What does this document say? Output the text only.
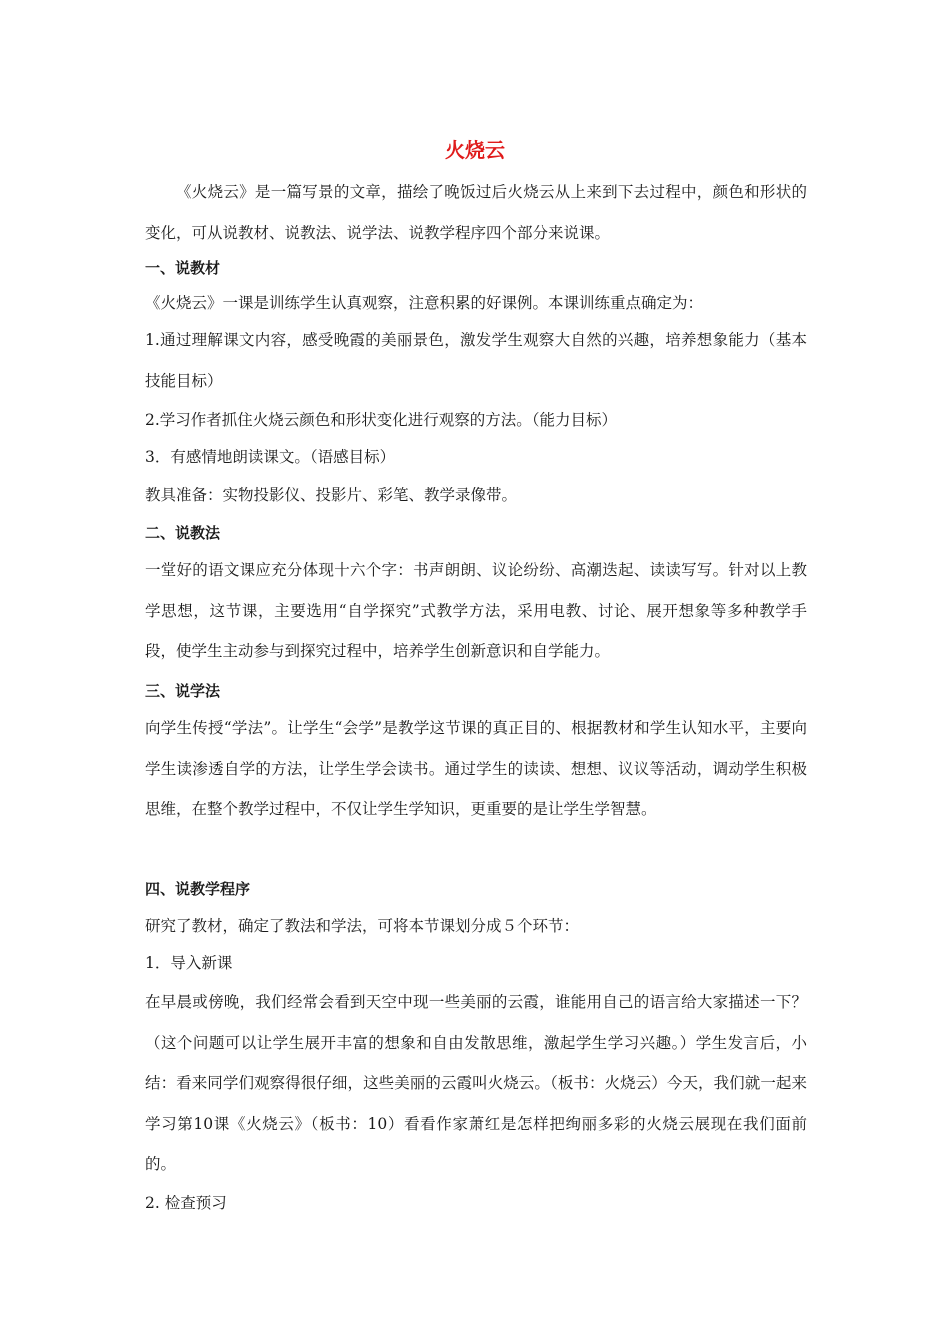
火烧云
《火烧云》是一篇写景的文章，描绘了晚饭过后火烧云从上来到下去过程中，颜色和形状的变化，可从说教材、说教法、说学法、说教学程序四个部分来说课。
一、说教材
《火烧云》一课是训练学生认真观察，注意积累的好课例。本课训练重点确定为：
1.通过理解课文内容，感受晚霞的美丽景色，激发学生观察大自然的兴趣，培养想象能力（基本技能目标）
2.学习作者抓住火烧云颜色和形状变化进行观察的方法。（能力目标）
3．有感情地朗读课文。（语感目标）
教具准备：实物投影仪、投影片、彩笔、教学录像带。
二、说教法
一堂好的语文课应充分体现十六个字：书声朗朗、议论纷纷、高潮迭起、读读写写。针对以上教学思想，这节课，主要选用“自学探究”式教学方法，采用电教、讨论、展开想象等多种教学手段，使学生主动参与到探究过程中，培养学生创新意识和自学能力。
三、说学法
向学生传授“学法”。让学生“会学”是教学这节课的真正目的、根据教材和学生认知水平，主要向学生读渗透自学的方法，让学生学会读书。通过学生的读读、想想、议议等活动，调动学生积极思维，在整个教学过程中，不仅让学生学知识，更重要的是让学生学智慧。
四、说教学程序
研究了教材，确定了教法和学法，可将本节课划分成５个环节：
1．导入新课
在早晨或傍晚，我们经常会看到天空中现一些美丽的云霞，谁能用自己的语言给大家描述一下？（这个问题可以让学生展开丰富的想象和自由发散思维，激起学生学习兴趣。）学生发言后，小结：看来同学们观察得很仔细，这些美丽的云霞叫火烧云。（板书：火烧云）今天，我们就一起来学习第10课《火烧云》（板书：10）看看作家萧红是怎样把绚丽多彩的火烧云展现在我们面前的。
2. 检查预习
